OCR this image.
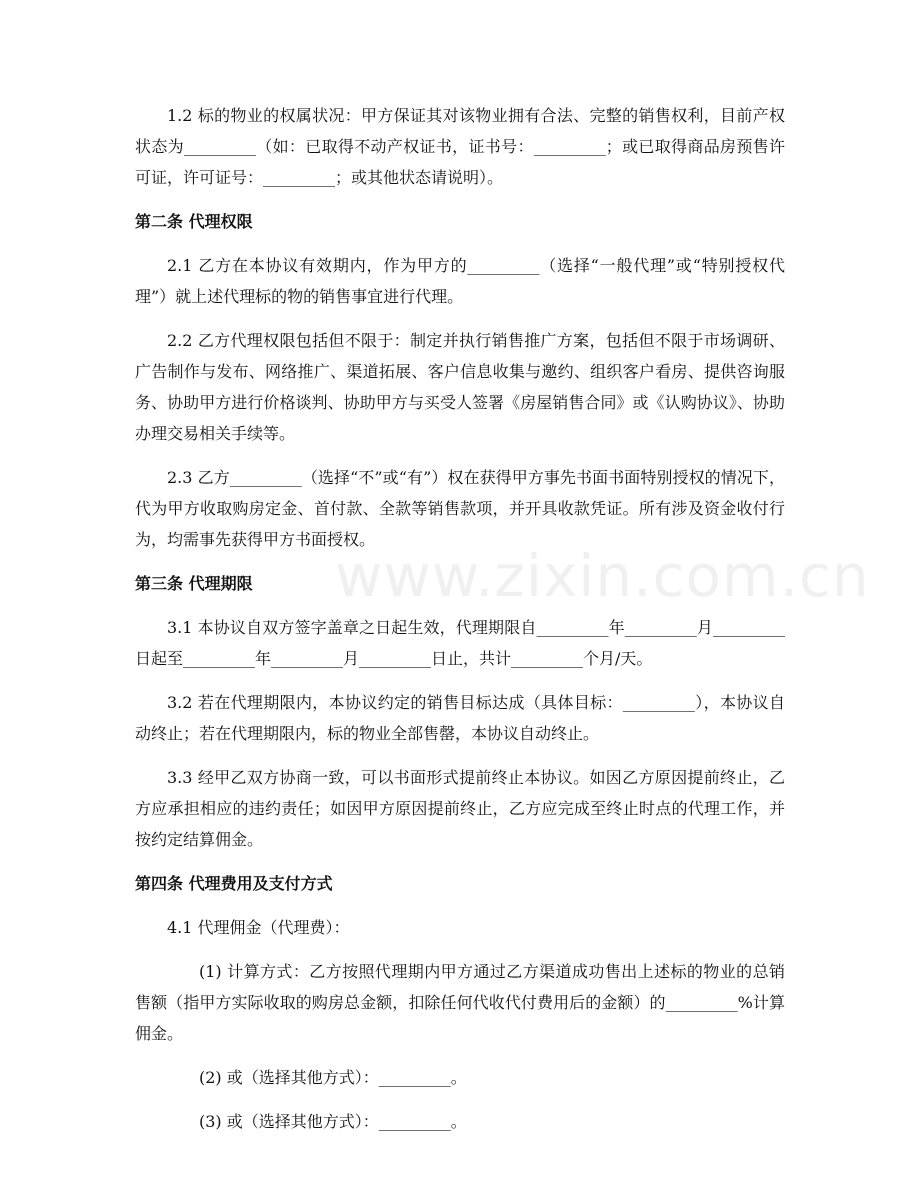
www.zixin.com.cn

1.2 标的物业的权属状况：甲方保证其对该物业拥有合法、完整的销售权利，目前产权状态为_________（如：已取得不动产权证书，证书号：_________；或已取得商品房预售许可证，许可证号：_________；或其他状态请说明）。

第二条 代理权限

2.1 乙方在本协议有效期内，作为甲方的_________（选择“一般代理”或“特别授权代理”）就上述代理标的物的销售事宜进行代理。

2.2 乙方代理权限包括但不限于：制定并执行销售推广方案，包括但不限于市场调研、广告制作与发布、网络推广、渠道拓展、客户信息收集与邀约、组织客户看房、提供咨询服务、协助甲方进行价格谈判、协助甲方与买受人签署《房屋销售合同》或《认购协议》、协助办理交易相关手续等。

2.3 乙方_________（选择“不”或“有”）权在获得甲方事先书面书面特别授权的情况下，代为甲方收取购房定金、首付款、全款等销售款项，并开具收款凭证。所有涉及资金收付行为，均需事先获得甲方书面授权。

第三条 代理期限

3.1 本协议自双方签字盖章之日起生效，代理期限自_________年_________月_________日起至_________年_________月_________日止，共计_________个月/天。

3.2 若在代理期限内，本协议约定的销售目标达成（具体目标：_________），本协议自动终止；若在代理期限内，标的物业全部售罄，本协议自动终止。

3.3 经甲乙双方协商一致，可以书面形式提前终止本协议。如因乙方原因提前终止，乙方应承担相应的违约责任；如因甲方原因提前终止，乙方应完成至终止时点的代理工作，并按约定结算佣金。

第四条 代理费用及支付方式

4.1 代理佣金（代理费）：

(1) 计算方式：乙方按照代理期内甲方通过乙方渠道成功售出上述标的物业的总销售额（指甲方实际收取的购房总金额，扣除任何代收代付费用后的金额）的_________%计算佣金。

(2) 或（选择其他方式）：_________。

(3) 或（选择其他方式）：_________。
